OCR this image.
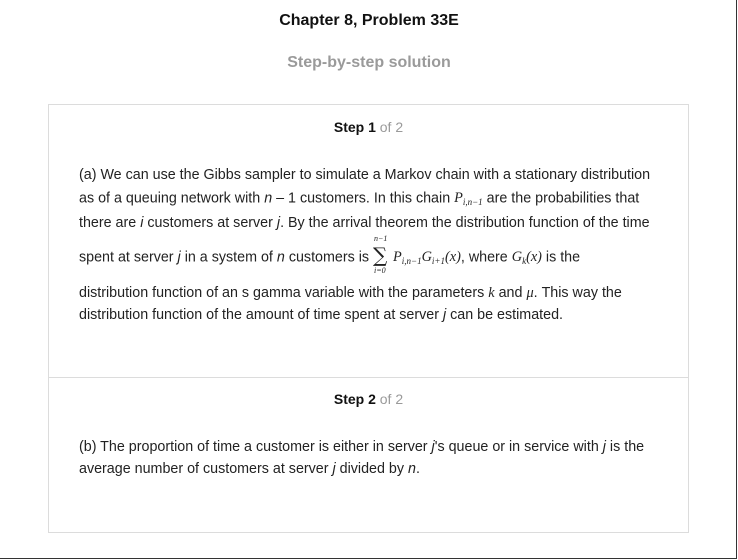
Chapter 8, Problem 33E
Step-by-step solution
Step 1 of 2
(a) We can use the Gibbs sampler to simulate a Markov chain with a stationary distribution
as of a queuing network with n – 1 customers. In this chain $P_{i,n-1}$ are the probabilities that
there are i customers at server j. By the arrival theorem the distribution function of the time
spent at server j in a system of n customers is
n−1
∑
i=0
$P_{i,n-1}G_{i+1}(x)$, where $G_k(x)$ is the
distribution function of an s gamma variable with the parameters k and μ. This way the
distribution function of the amount of time spent at server j can be estimated.
Step 2 of 2
(b) The proportion of time a customer is either in server j's queue or in service with j is the
average number of customers at server j divided by n.
